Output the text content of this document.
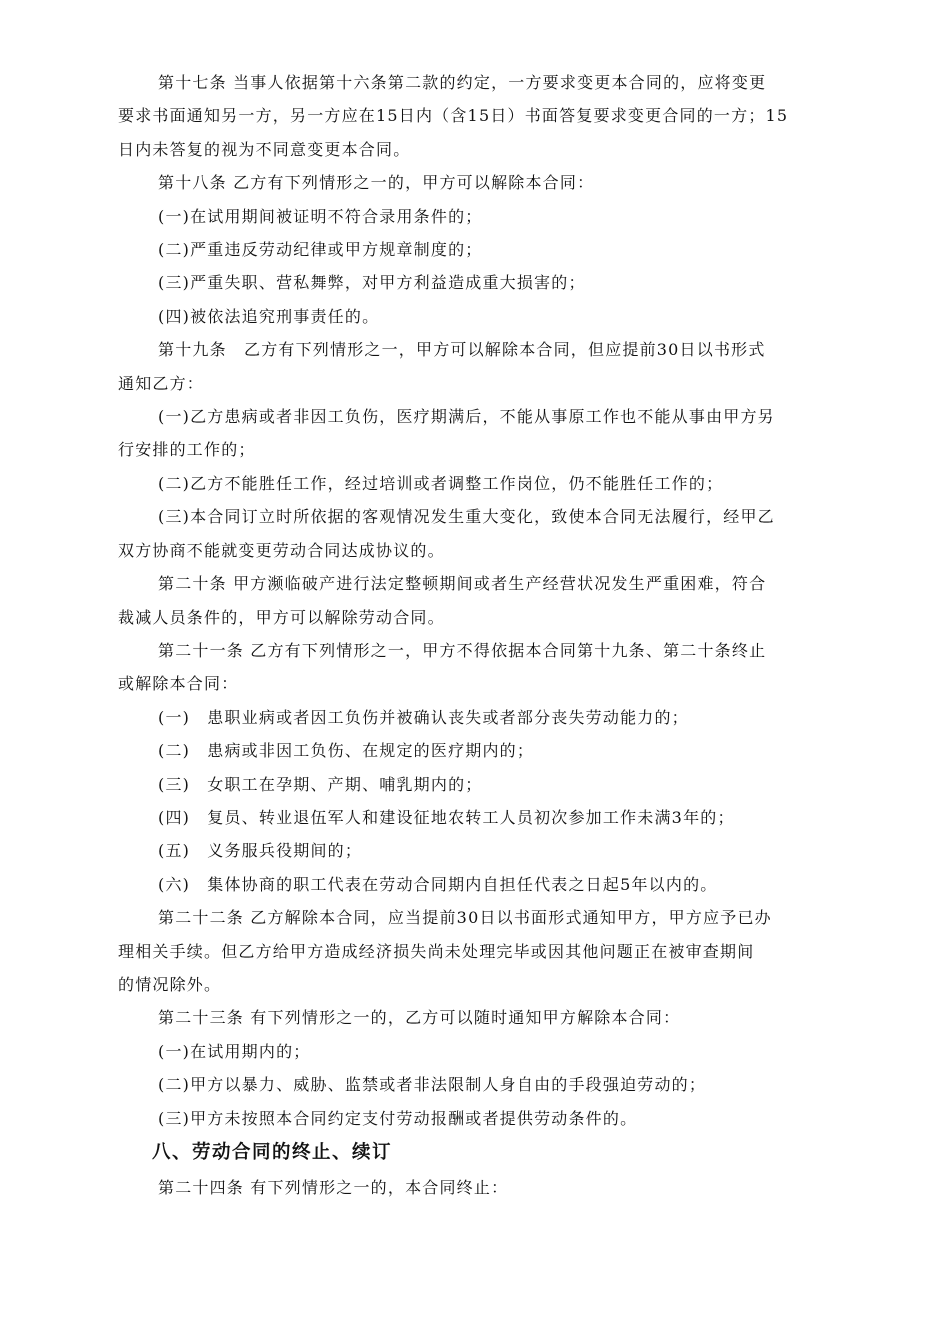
第十七条 当事人依据第十六条第二款的约定，一方要求变更本合同的，应将变更
要求书面通知另一方，另一方应在15日内（含15日）书面答复要求变更合同的一方；15
日内未答复的视为不同意变更本合同。
第十八条 乙方有下列情形之一的，甲方可以解除本合同：
(一)在试用期间被证明不符合录用条件的；
(二)严重违反劳动纪律或甲方规章制度的；
(三)严重失职、营私舞弊，对甲方利益造成重大损害的；
(四)被依法追究刑事责任的。
第十九条　乙方有下列情形之一，甲方可以解除本合同，但应提前30日以书形式
通知乙方：
(一)乙方患病或者非因工负伤，医疗期满后，不能从事原工作也不能从事由甲方另
行安排的工作的；
(二)乙方不能胜任工作，经过培训或者调整工作岗位，仍不能胜任工作的；
(三)本合同订立时所依据的客观情况发生重大变化，致使本合同无法履行，经甲乙
双方协商不能就变更劳动合同达成协议的。
第二十条 甲方濒临破产进行法定整顿期间或者生产经营状况发生严重困难，符合
裁减人员条件的，甲方可以解除劳动合同。
第二十一条 乙方有下列情形之一，甲方不得依据本合同第十九条、第二十条终止
或解除本合同：
(一)　患职业病或者因工负伤并被确认丧失或者部分丧失劳动能力的；
(二)　患病或非因工负伤、在规定的医疗期内的；
(三)　女职工在孕期、产期、哺乳期内的；
(四)　复员、转业退伍军人和建设征地农转工人员初次参加工作未满3年的；
(五)　义务服兵役期间的；
(六)　集体协商的职工代表在劳动合同期内自担任代表之日起5年以内的。
第二十二条 乙方解除本合同，应当提前30日以书面形式通知甲方，甲方应予已办
理相关手续。但乙方给甲方造成经济损失尚未处理完毕或因其他问题正在被审查期间
的情况除外。
第二十三条 有下列情形之一的，乙方可以随时通知甲方解除本合同：
(一)在试用期内的；
(二)甲方以暴力、威胁、监禁或者非法限制人身自由的手段强迫劳动的；
(三)甲方未按照本合同约定支付劳动报酬或者提供劳动条件的。
八、劳动合同的终止、续订
第二十四条 有下列情形之一的，本合同终止：
